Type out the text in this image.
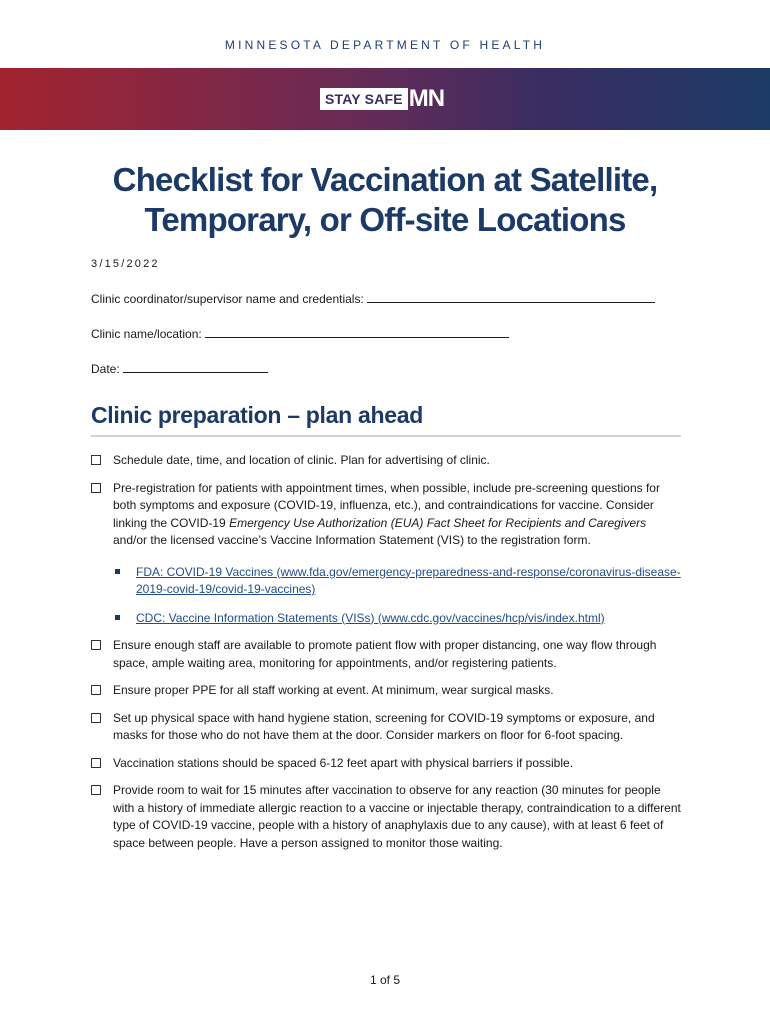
MINNESOTA DEPARTMENT OF HEALTH
STAY SAFE MN
Checklist for Vaccination at Satellite,
Temporary, or Off-site Locations
3/15/2022
Clinic coordinator/supervisor name and credentials:
Clinic name/location:
Date:
Clinic preparation – plan ahead
Schedule date, time, and location of clinic. Plan for advertising of clinic.
Pre-registration for patients with appointment times, when possible, include pre-screening questions for both symptoms and exposure (COVID-19, influenza, etc.), and contraindications for vaccine. Consider linking the COVID-19 Emergency Use Authorization (EUA) Fact Sheet for Recipients and Caregivers and/or the licensed vaccine’s Vaccine Information Statement (VIS) to the registration form.
FDA: COVID-19 Vaccines (www.fda.gov/emergency-preparedness-and-response/coronavirus-disease-2019-covid-19/covid-19-vaccines)
CDC: Vaccine Information Statements (VISs) (www.cdc.gov/vaccines/hcp/vis/index.html)
Ensure enough staff are available to promote patient flow with proper distancing, one way flow through space, ample waiting area, monitoring for appointments, and/or registering patients.
Ensure proper PPE for all staff working at event. At minimum, wear surgical masks.
Set up physical space with hand hygiene station, screening for COVID-19 symptoms or exposure, and masks for those who do not have them at the door. Consider markers on floor for 6-foot spacing.
Vaccination stations should be spaced 6-12 feet apart with physical barriers if possible.
Provide room to wait for 15 minutes after vaccination to observe for any reaction (30 minutes for people with a history of immediate allergic reaction to a vaccine or injectable therapy, contraindication to a different type of COVID-19 vaccine, people with a history of anaphylaxis due to any cause), with at least 6 feet of space between people. Have a person assigned to monitor those waiting.
1 of 5
